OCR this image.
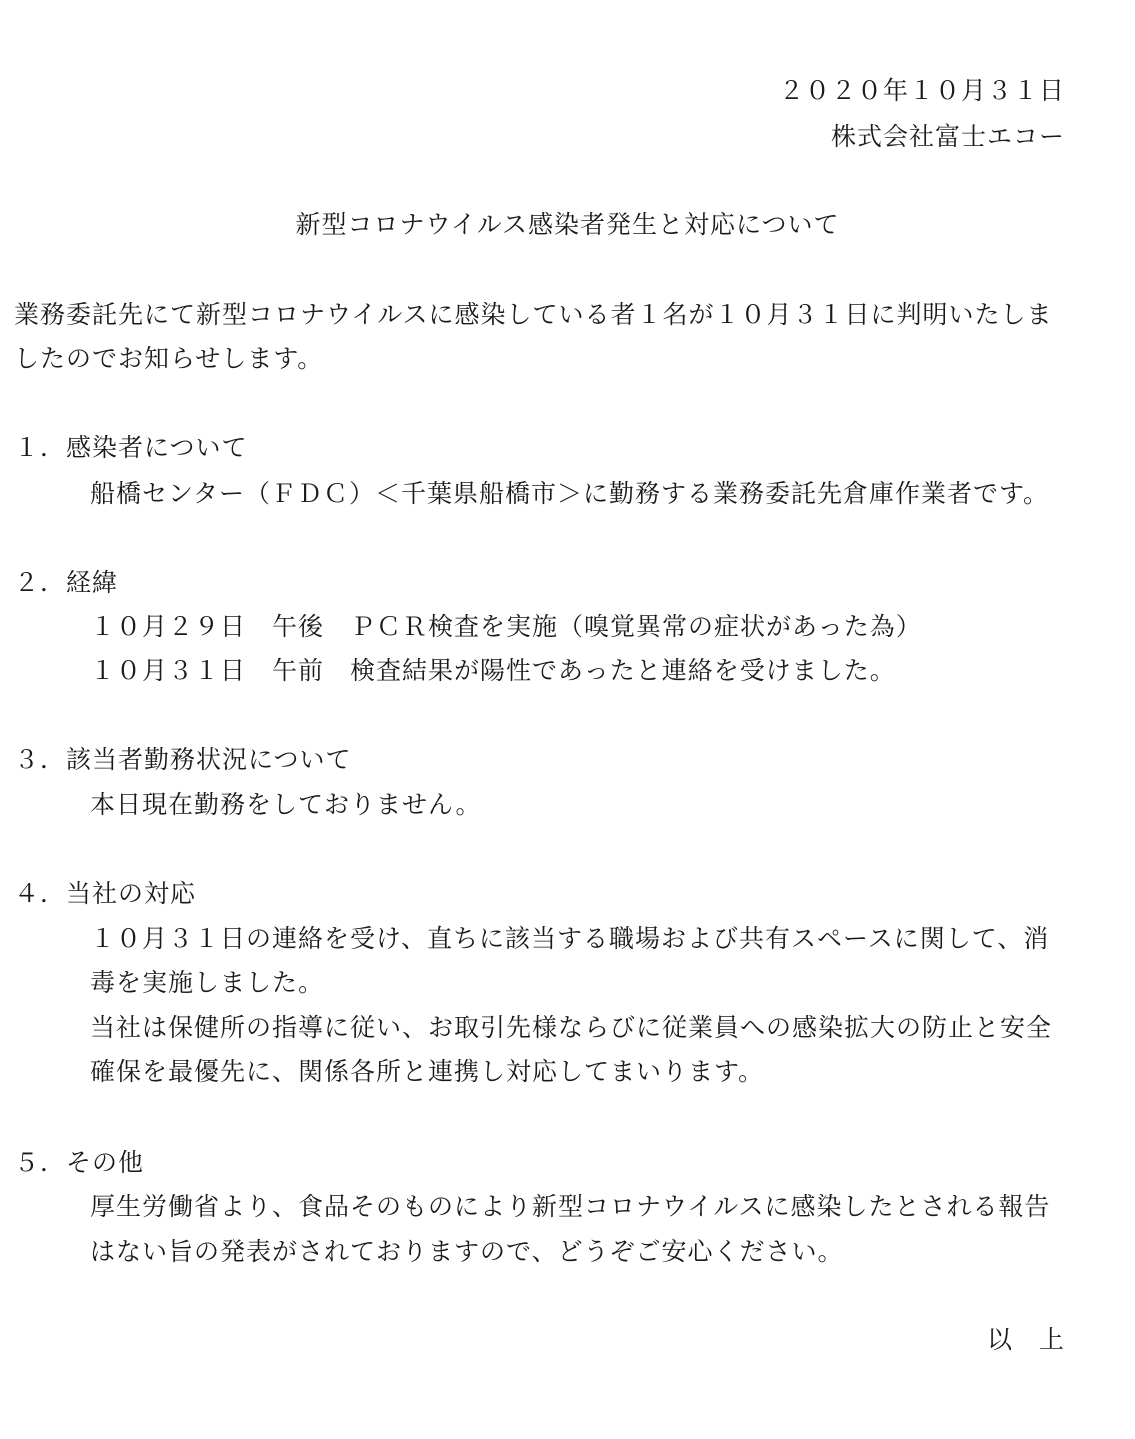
２０２０年１０月３１日
株式会社富士エコー
新型コロナウイルス感染者発生と対応について
業務委託先にて新型コロナウイルスに感染している者１名が１０月３１日に判明いたしま
したのでお知らせします。
１．感染者について
船橋センター（ＦＤＣ）＜千葉県船橋市＞に勤務する業務委託先倉庫作業者です。
２．経緯
１０月２９日　午後　ＰＣＲ検査を実施（嗅覚異常の症状があった為）
１０月３１日　午前　検査結果が陽性であったと連絡を受けました。
３．該当者勤務状況について
本日現在勤務をしておりません。
４．当社の対応
１０月３１日の連絡を受け、直ちに該当する職場および共有スペースに関して、消
毒を実施しました。
当社は保健所の指導に従い、お取引先様ならびに従業員への感染拡大の防止と安全
確保を最優先に、関係各所と連携し対応してまいります。
５．その他
厚生労働省より、食品そのものにより新型コロナウイルスに感染したとされる報告
はない旨の発表がされておりますので、どうぞご安心ください。
以　上
